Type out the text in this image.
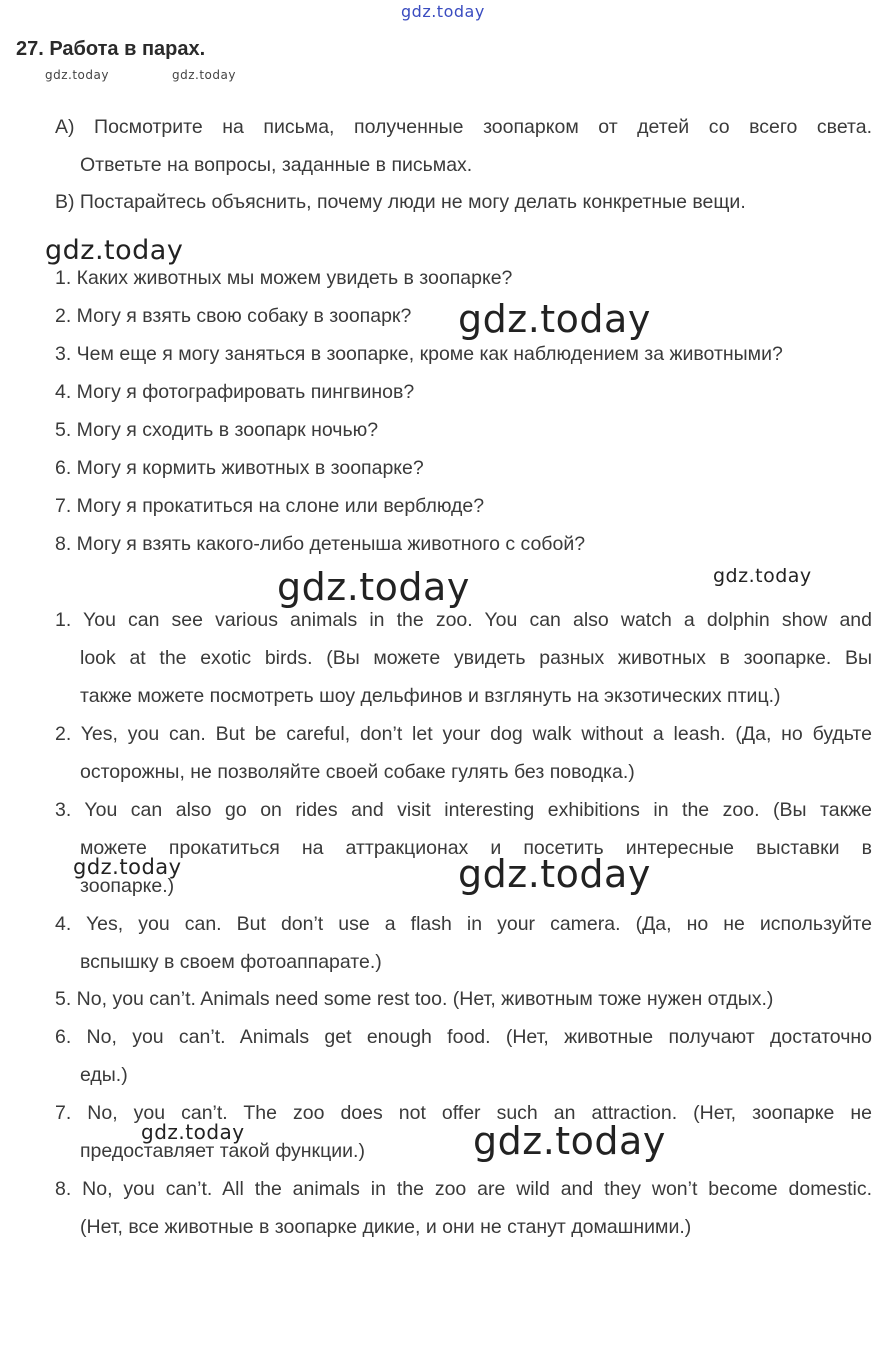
gdz.today
gdz.today	gdz.today
27. Работа в парах.

А) Посмотрите на письма, полученные зоопарком от детей со всего света.

Ответьте на вопросы, заданные в письмах.

В) Постарайтесь объяснить, почему люди не могу делать конкретные вещи.

gdz.today

1. Каких животных мы можем увидеть в зоопарке?

2. Могу я взять свою собаку в зоопарк?

3. Чем еще я могу заняться в зоопарке, кроме как наблюдением за животными?

4. Могу я фотографировать пингвинов?

5. Могу я сходить в зоопарк ночью?

6. Могу я кормить животных в зоопарке?

7. Могу я прокатиться на слоне или верблюде?

8. Могу я взять какого-либо детеныша животного с собой?

gdz.today
gdz.today	gdz.today

1. You can see various animals in the zoo. You can also watch a dolphin show and

look at the exotic birds. (Вы можете увидеть разных животных в зоопарке. Вы

также можете посмотреть шоу дельфинов и взглянуть на экзотических птиц.)

2. Yes, you can. But be careful, don’t let your dog walk without a leash. (Да, но будьте

осторожны, не позволяйте своей собаке гулять без поводка.)

3. You can also go on rides and visit interesting exhibitions in the zoo. (Вы также

можете прокатиться на аттракционах и посетить интересные выставки в

зоопарке.)

gdz.today	gdz.today

4. Yes, you can. But don’t use a flash in your camera. (Да, но не используйте

вспышку в своем фотоаппарате.)

5. No, you can’t. Animals need some rest too. (Нет, животным тоже нужен отдых.)

6. No, you can’t. Animals get enough food. (Нет, животные получают достаточно

еды.)

7. No, you can’t. The zoo does not offer such an attraction. (Нет, зоопарке не

предоставляет такой функции.)

gdz.today	gdz.today

8. No, you can’t. All the animals in the zoo are wild and they won’t become domestic.

(Нет, все животные в зоопарке дикие, и они не станут домашними.)
